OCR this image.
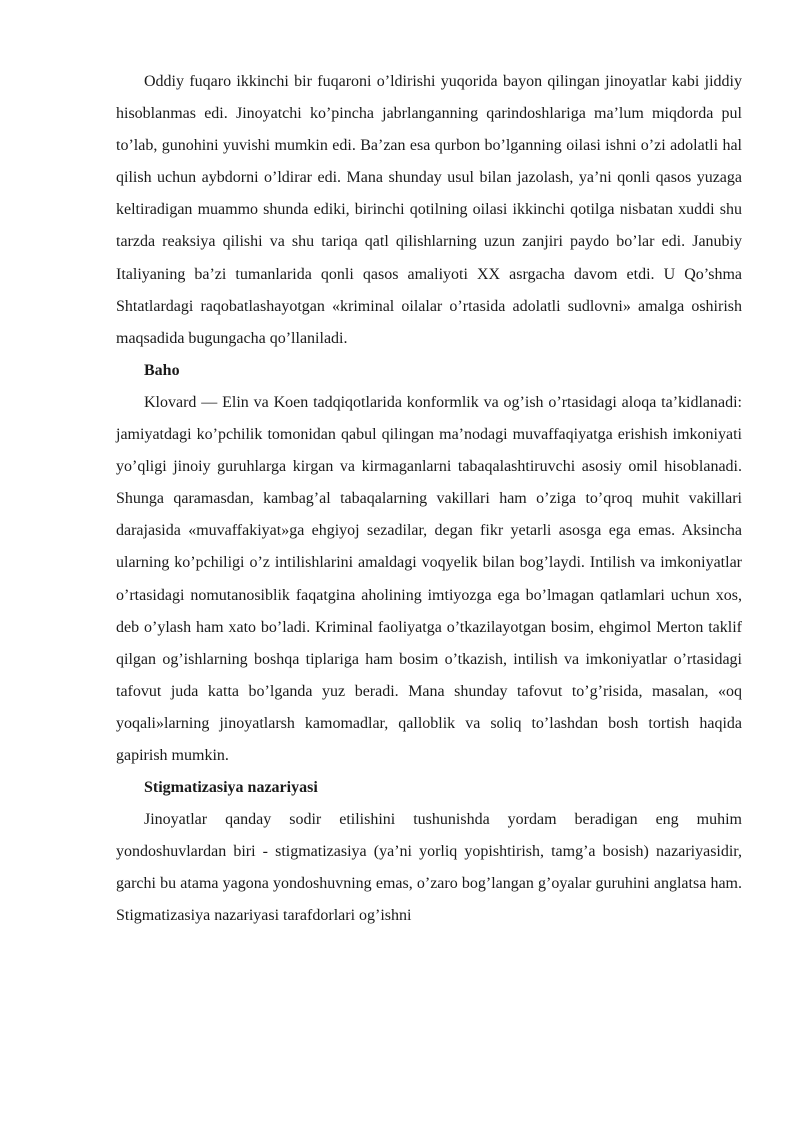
Oddiy fuqaro ikkinchi bir fuqaroni o’ldirishi yuqorida bayon qilingan jinoyatlar kabi jiddiy hisoblanmas edi. Jinoyatchi ko’pincha jabrlanganning qarindoshlariga ma’lum miqdorda pul to’lab, gunohini yuvishi mumkin edi. Ba’zan esa qurbon bo’lganning oilasi ishni o’zi adolatli hal qilish uchun aybdorni o’ldirar edi. Mana shunday usul bilan jazolash, ya’ni qonli qasos yuzaga keltiradigan muammo shunda ediki, birinchi qotilning oilasi ikkinchi qotilga nisbatan xuddi shu tarzda reaksiya qilishi va shu tariqa qatl qilishlarning uzun zanjiri paydo bo’lar edi. Janubiy Italiyaning ba’zi tumanlarida qonli qasos amaliyoti XX asrgacha davom etdi. U Qo’shma Shtatlardagi raqobatlashayotgan «kriminal oilalar o’rtasida adolatli sudlovni» amalga oshirish maqsadida bugungacha qo’llaniladi.

Baho

Klovard — Elin va Koen tadqiqotlarida konformlik va og’ish o’rtasidagi aloqa ta’kidlanadi: jamiyatdagi ko’pchilik tomonidan qabul qilingan ma’nodagi muvaffaqiyatga erishish imkoniyati yo’qligi jinoiy guruhlarga kirgan va kirmaganlarni tabaqalashtiruvchi asosiy omil hisoblanadi. Shunga qaramasdan, kambag’al tabaqalarning vakillari ham o’ziga to’qroq muhit vakillari darajasida «muvaffakiyat»ga ehgiyoj sezadilar, degan fikr yetarli asosga ega emas. Aksincha ularning ko’pchiligi o’z intilishlarini amaldagi voqyelik bilan bog’laydi. Intilish va imkoniyatlar o’rtasidagi nomutanosiblik faqatgina aholining imtiyozga ega bo’lmagan qatlamlari uchun xos, deb o’ylash ham xato bo’ladi. Kriminal faoliyatga o’tkazilayotgan bosim, ehgimol Merton taklif qilgan og’ishlarning boshqa tiplariga ham bosim o’tkazish, intilish va imkoniyatlar o’rtasidagi tafovut juda katta bo’lganda yuz beradi. Mana shunday tafovut to’g’risida, masalan, «oq yoqali»larning jinoyatlarsh kamomadlar, qalloblik va soliq to’lashdan bosh tortish haqida gapirish mumkin.

Stigmatizasiya nazariyasi

Jinoyatlar qanday sodir etilishini tushunishda yordam beradigan eng muhim yondoshuvlardan biri - stigmatizasiya (ya’ni yorliq yopishtirish, tamg’a bosish) nazariyasidir, garchi bu atama yagona yondoshuvning emas, o’zaro bog’langan g’oyalar guruhini anglatsa ham. Stigmatizasiya nazariyasi tarafdorlari og’ishni
